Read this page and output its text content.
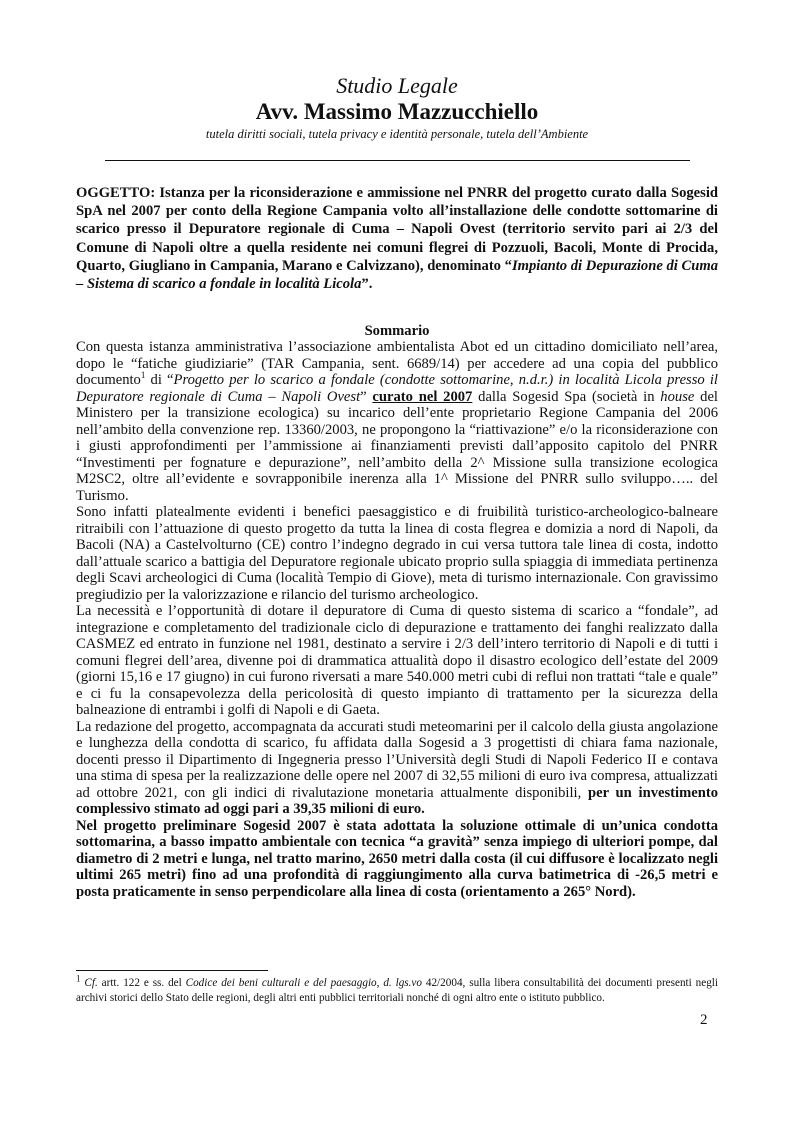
Studio Legale
Avv. Massimo Mazzucchiello
tutela diritti sociali, tutela privacy e identità personale, tutela dell’Ambiente
OGGETTO: Istanza per la riconsiderazione e ammissione nel PNRR del progetto curato dalla Sogesid SpA nel 2007 per conto della Regione Campania volto all’installazione delle condotte sottomarine di scarico presso il Depuratore regionale di Cuma – Napoli Ovest (territorio servito pari ai 2/3 del Comune di Napoli oltre a quella residente nei comuni flegrei di Pozzuoli, Bacoli, Monte di Procida, Quarto, Giugliano in Campania, Marano e Calvizzano), denominato “Impianto di Depurazione di Cuma – Sistema di scarico a fondale in località Licola”.
Sommario

Con questa istanza amministrativa l’associazione ambientalista Abot ed un cittadino domiciliato nell’area, dopo le “fatiche giudiziarie” (TAR Campania, sent. 6689/14) per accedere ad una copia del pubblico documento$^1$ di “Progetto per lo scarico a fondale (condotte sottomarine, n.d.r.) in località Licola presso il Depuratore regionale di Cuma – Napoli Ovest” curato nel 2007 dalla Sogesid Spa (società in house del Ministero per la transizione ecologica) su incarico dell’ente proprietario Regione Campania del 2006 nell’ambito della convenzione rep. 13360/2003, ne propongono la “riattivazione” e/o la riconsiderazione con i giusti approfondimenti per l’ammissione ai finanziamenti previsti dall’apposito capitolo del PNRR “Investimenti per fognature e depurazione”, nell’ambito della 2^ Missione sulla transizione ecologica M2SC2, oltre all’evidente e sovrapponibile inerenza alla 1^ Missione del PNRR sullo sviluppo….. del Turismo.

Sono infatti platealmente evidenti i benefici paesaggistico e di fruibilità turistico-archeologico-balneare ritraibili con l’attuazione di questo progetto da tutta la linea di costa flegrea e domizia a nord di Napoli, da Bacoli (NA) a Castelvolturno (CE) contro l’indegno degrado in cui versa tuttora tale linea di costa, indotto dall’attuale scarico a battigia del Depuratore regionale ubicato proprio sulla spiaggia di immediata pertinenza degli Scavi archeologici di Cuma (località Tempio di Giove), meta di turismo internazionale. Con gravissimo pregiudizio per la valorizzazione e rilancio del turismo archeologico.

La necessità e l’opportunità di dotare il depuratore di Cuma di questo sistema di scarico a “fondale”, ad integrazione e completamento del tradizionale ciclo di depurazione e trattamento dei fanghi realizzato dalla CASMEZ ed entrato in funzione nel 1981, destinato a servire i 2/3 dell’intero territorio di Napoli e di tutti i comuni flegrei dell’area, divenne poi di drammatica attualità dopo il disastro ecologico dell’estate del 2009 (giorni 15,16 e 17 giugno) in cui furono riversati a mare 540.000 metri cubi di reflui non trattati “tale e quale” e ci fu la consapevolezza della pericolosità di questo impianto di trattamento per la sicurezza della balneazione di entrambi i golfi di Napoli e di Gaeta.

La redazione del progetto, accompagnata da accurati studi meteomarini per il calcolo della giusta angolazione e lunghezza della condotta di scarico, fu affidata dalla Sogesid a 3 progettisti di chiara fama nazionale, docenti presso il Dipartimento di Ingegneria presso l’Università degli Studi di Napoli Federico II e contava una stima di spesa per la realizzazione delle opere nel 2007 di 32,55 milioni di euro iva compresa, attualizzati ad ottobre 2021, con gli indici di rivalutazione monetaria attualmente disponibili, per un investimento complessivo stimato ad oggi pari a 39,35 milioni di euro.

Nel progetto preliminare Sogesid 2007 è stata adottata la soluzione ottimale di un’unica condotta sottomarina, a basso impatto ambientale con tecnica “a gravità” senza impiego di ulteriori pompe, dal diametro di 2 metri e lunga, nel tratto marino, 2650 metri dalla costa (il cui diffusore è localizzato negli ultimi 265 metri) fino ad una profondità di raggiungimento alla curva batimetrica di -26,5 metri e posta praticamente in senso perpendicolare alla linea di costa (orientamento a 265° Nord).

$^1$ Cf. artt. 122 e ss. del Codice dei beni culturali e del paesaggio, d. lgs.vo 42/2004, sulla libera consultabilità dei documenti presenti negli archivi storici dello Stato delle regioni, degli altri enti pubblici territoriali nonché di ogni altro ente o istituto pubblico.
2
